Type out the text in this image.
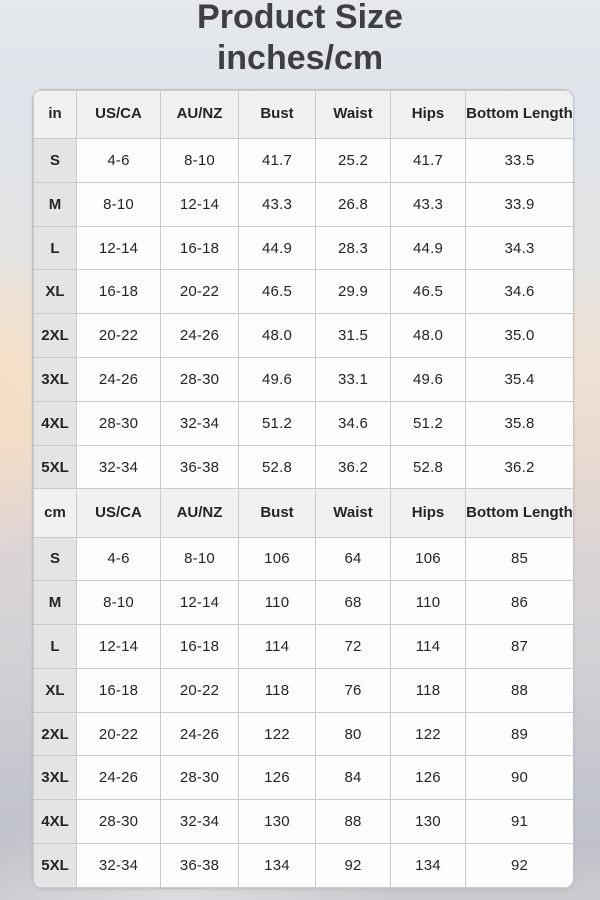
Product Size
inches/cm
in	US/CA	AU/NZ	Bust	Waist	Hips	Bottom Length
S	4-6	8-10	41.7	25.2	41.7	33.5
M	8-10	12-14	43.3	26.8	43.3	33.9
L	12-14	16-18	44.9	28.3	44.9	34.3
XL	16-18	20-22	46.5	29.9	46.5	34.6
2XL	20-22	24-26	48.0	31.5	48.0	35.0
3XL	24-26	28-30	49.6	33.1	49.6	35.4
4XL	28-30	32-34	51.2	34.6	51.2	35.8
5XL	32-34	36-38	52.8	36.2	52.8	36.2
cm	US/CA	AU/NZ	Bust	Waist	Hips	Bottom Length
S	4-6	8-10	106	64	106	85
M	8-10	12-14	110	68	110	86
L	12-14	16-18	114	72	114	87
XL	16-18	20-22	118	76	118	88
2XL	20-22	24-26	122	80	122	89
3XL	24-26	28-30	126	84	126	90
4XL	28-30	32-34	130	88	130	91
5XL	32-34	36-38	134	92	134	92
